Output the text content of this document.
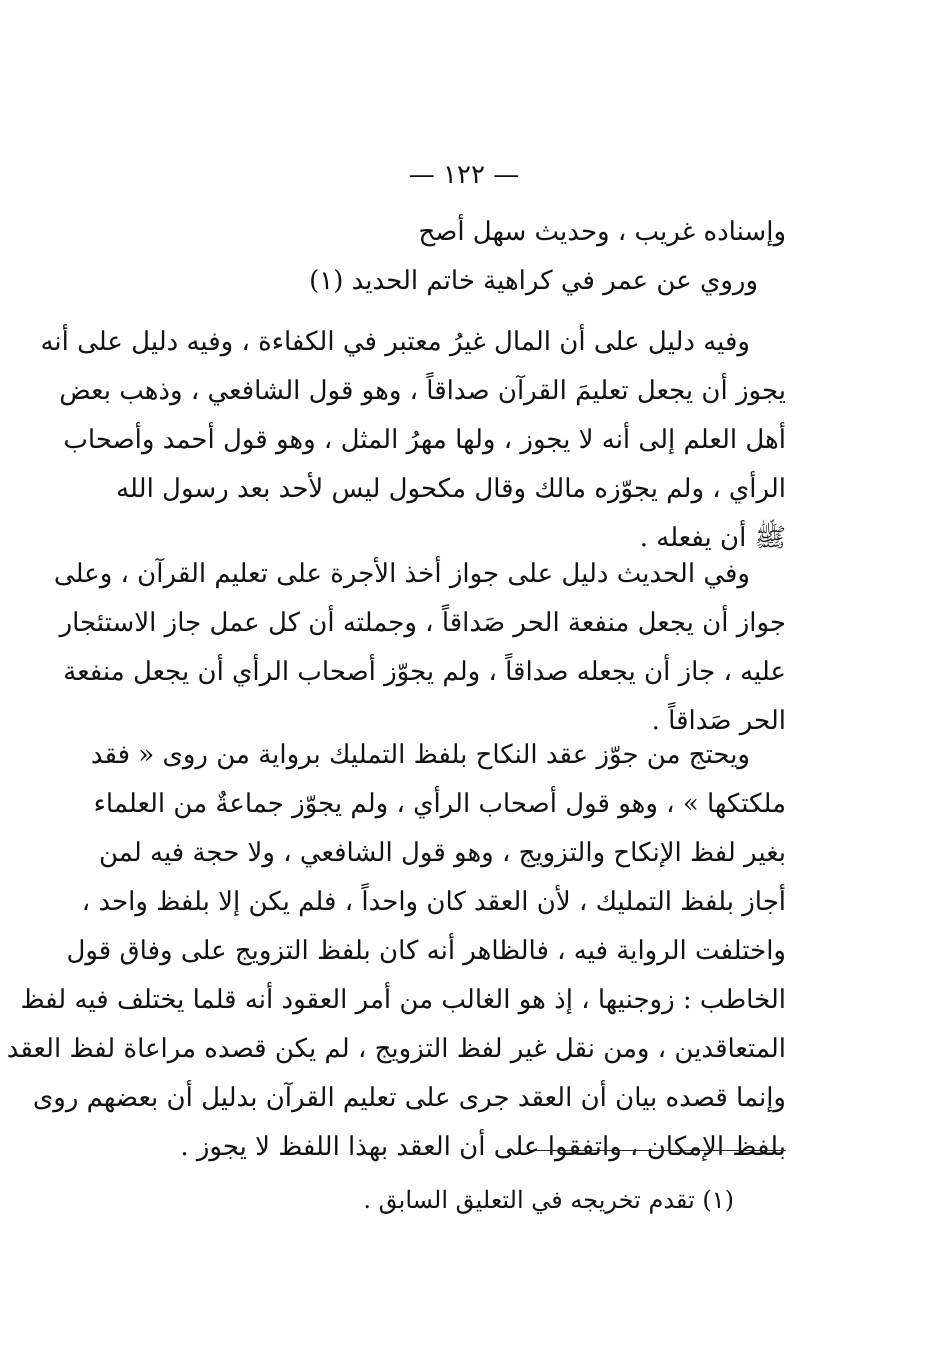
— ١٢٢ —
وإسناده غريب ، وحديث سهل أصح
وروي عن عمر في كراهية خاتم الحديد (١)
وفيه دليل على أن المال غيرُ معتبر في الكفاءة ، وفيه دليل على أنه
يجوز أن يجعل تعليمَ القرآن صداقاً ، وهو قول الشافعي ، وذهب بعض
أهل العلم إلى أنه لا يجوز ، ولها مهرُ المثل ، وهو قول أحمد وأصحاب
الرأي ، ولم يجوّزه مالك وقال مكحول ليس لأحد بعد رسول الله
ﷺ أن يفعله .
وفي الحديث دليل على جواز أخذ الأجرة على تعليم القرآن ، وعلى
جواز أن يجعل منفعة الحر صَداقاً ، وجملته أن كل عمل جاز الاستئجار
عليه ، جاز أن يجعله صداقاً ، ولم يجوّز أصحاب الرأي أن يجعل منفعة
الحر صَداقاً .
ويحتج من جوّز عقد النكاح بلفظ التمليك برواية من روى « فقد
ملكتكها » ، وهو قول أصحاب الرأي ، ولم يجوّز جماعةٌ من العلماء
بغير لفظ الإنكاح والتزويج ، وهو قول الشافعي ، ولا حجة فيه لمن
أجاز بلفظ التمليك ، لأن العقد كان واحداً ، فلم يكن إلا بلفظ واحد ،
واختلفت الرواية فيه ، فالظاهر أنه كان بلفظ التزويج على وفاق قول
الخاطب : زوجنيها ، إذ هو الغالب من أمر العقود أنه قلما يختلف فيه لفظ
المتعاقدين ، ومن نقل غير لفظ التزويج ، لم يكن قصده مراعاة لفظ العقد
وإنما قصده بيان أن العقد جرى على تعليم القرآن بدليل أن بعضهم روى
بلفظ الإمكان ، واتفقوا على أن العقد بهذا اللفظ لا يجوز .
(١) تقدم تخريجه في التعليق السابق .
